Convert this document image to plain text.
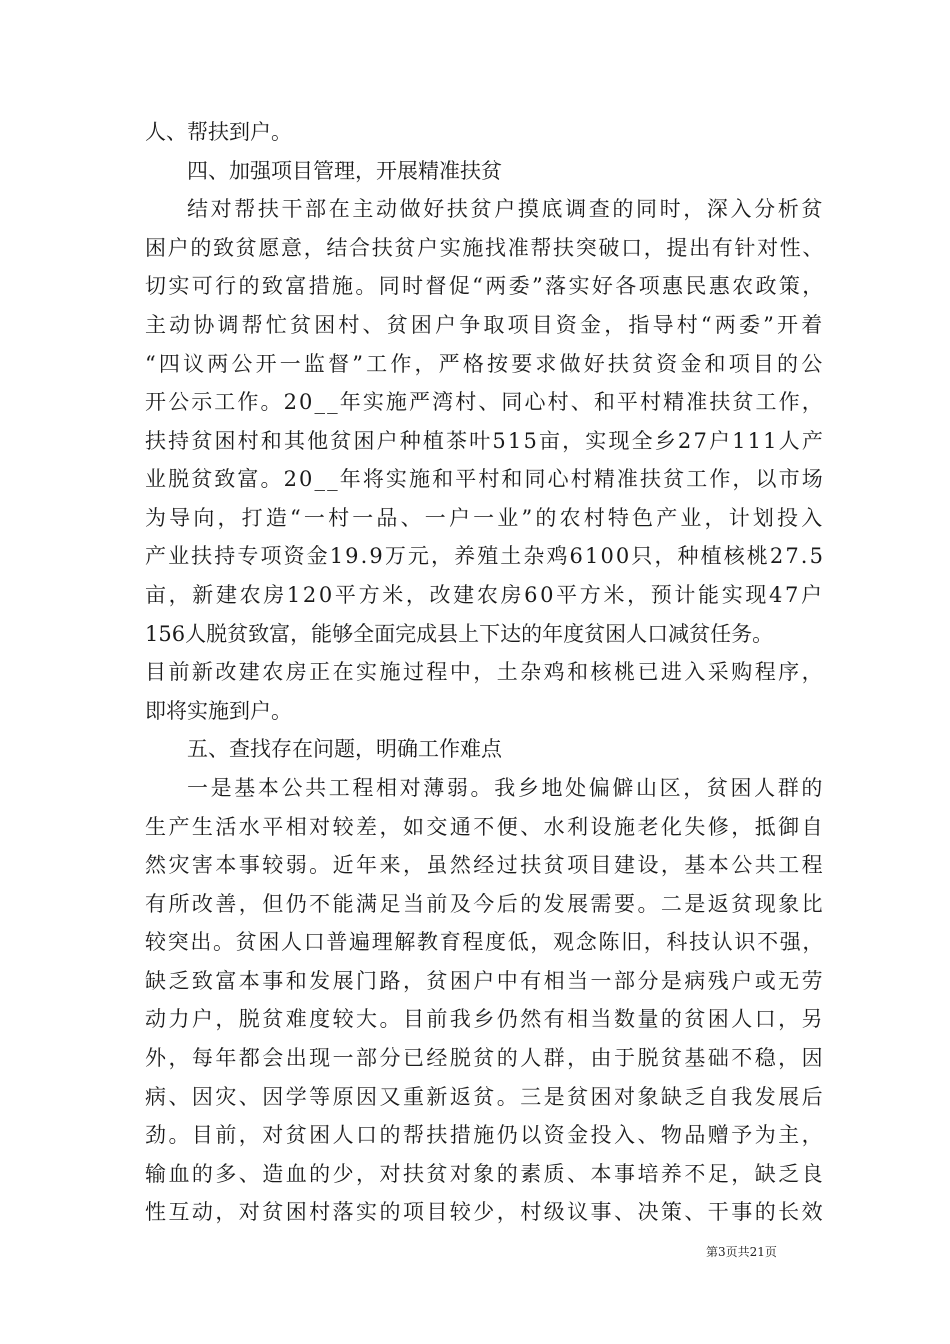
人、帮扶到户。
四、加强项目管理，开展精准扶贫
结对帮扶干部在主动做好扶贫户摸底调查的同时，深入分析贫
困户的致贫愿意，结合扶贫户实施找准帮扶突破口，提出有针对性、
切实可行的致富措施。同时督促“两委”落实好各项惠民惠农政策，
主动协调帮忙贫困村、贫困户争取项目资金，指导村“两委”开着
“四议两公开一监督”工作，严格按要求做好扶贫资金和项目的公
开公示工作。20__年实施严湾村、同心村、和平村精准扶贫工作，
扶持贫困村和其他贫困户种植茶叶515亩，实现全乡27户111人产
业脱贫致富。20__年将实施和平村和同心村精准扶贫工作，以市场
为导向，打造“一村一品、一户一业”的农村特色产业，计划投入
产业扶持专项资金19.9万元，养殖土杂鸡6100只，种植核桃27.5
亩，新建农房120平方米，改建农房60平方米，预计能实现47户
156人脱贫致富，能够全面完成县上下达的年度贫困人口减贫任务。
目前新改建农房正在实施过程中，土杂鸡和核桃已进入采购程序，
即将实施到户。
五、查找存在问题，明确工作难点
一是基本公共工程相对薄弱。我乡地处偏僻山区，贫困人群的
生产生活水平相对较差，如交通不便、水利设施老化失修，抵御自
然灾害本事较弱。近年来，虽然经过扶贫项目建设，基本公共工程
有所改善，但仍不能满足当前及今后的发展需要。二是返贫现象比
较突出。贫困人口普遍理解教育程度低，观念陈旧，科技认识不强，
缺乏致富本事和发展门路，贫困户中有相当一部分是病残户或无劳
动力户，脱贫难度较大。目前我乡仍然有相当数量的贫困人口，另
外，每年都会出现一部分已经脱贫的人群，由于脱贫基础不稳，因
病、因灾、因学等原因又重新返贫。三是贫困对象缺乏自我发展后
劲。目前，对贫困人口的帮扶措施仍以资金投入、物品赠予为主，
输血的多、造血的少，对扶贫对象的素质、本事培养不足，缺乏良
性互动，对贫困村落实的项目较少，村级议事、决策、干事的长效
第3页共21页
